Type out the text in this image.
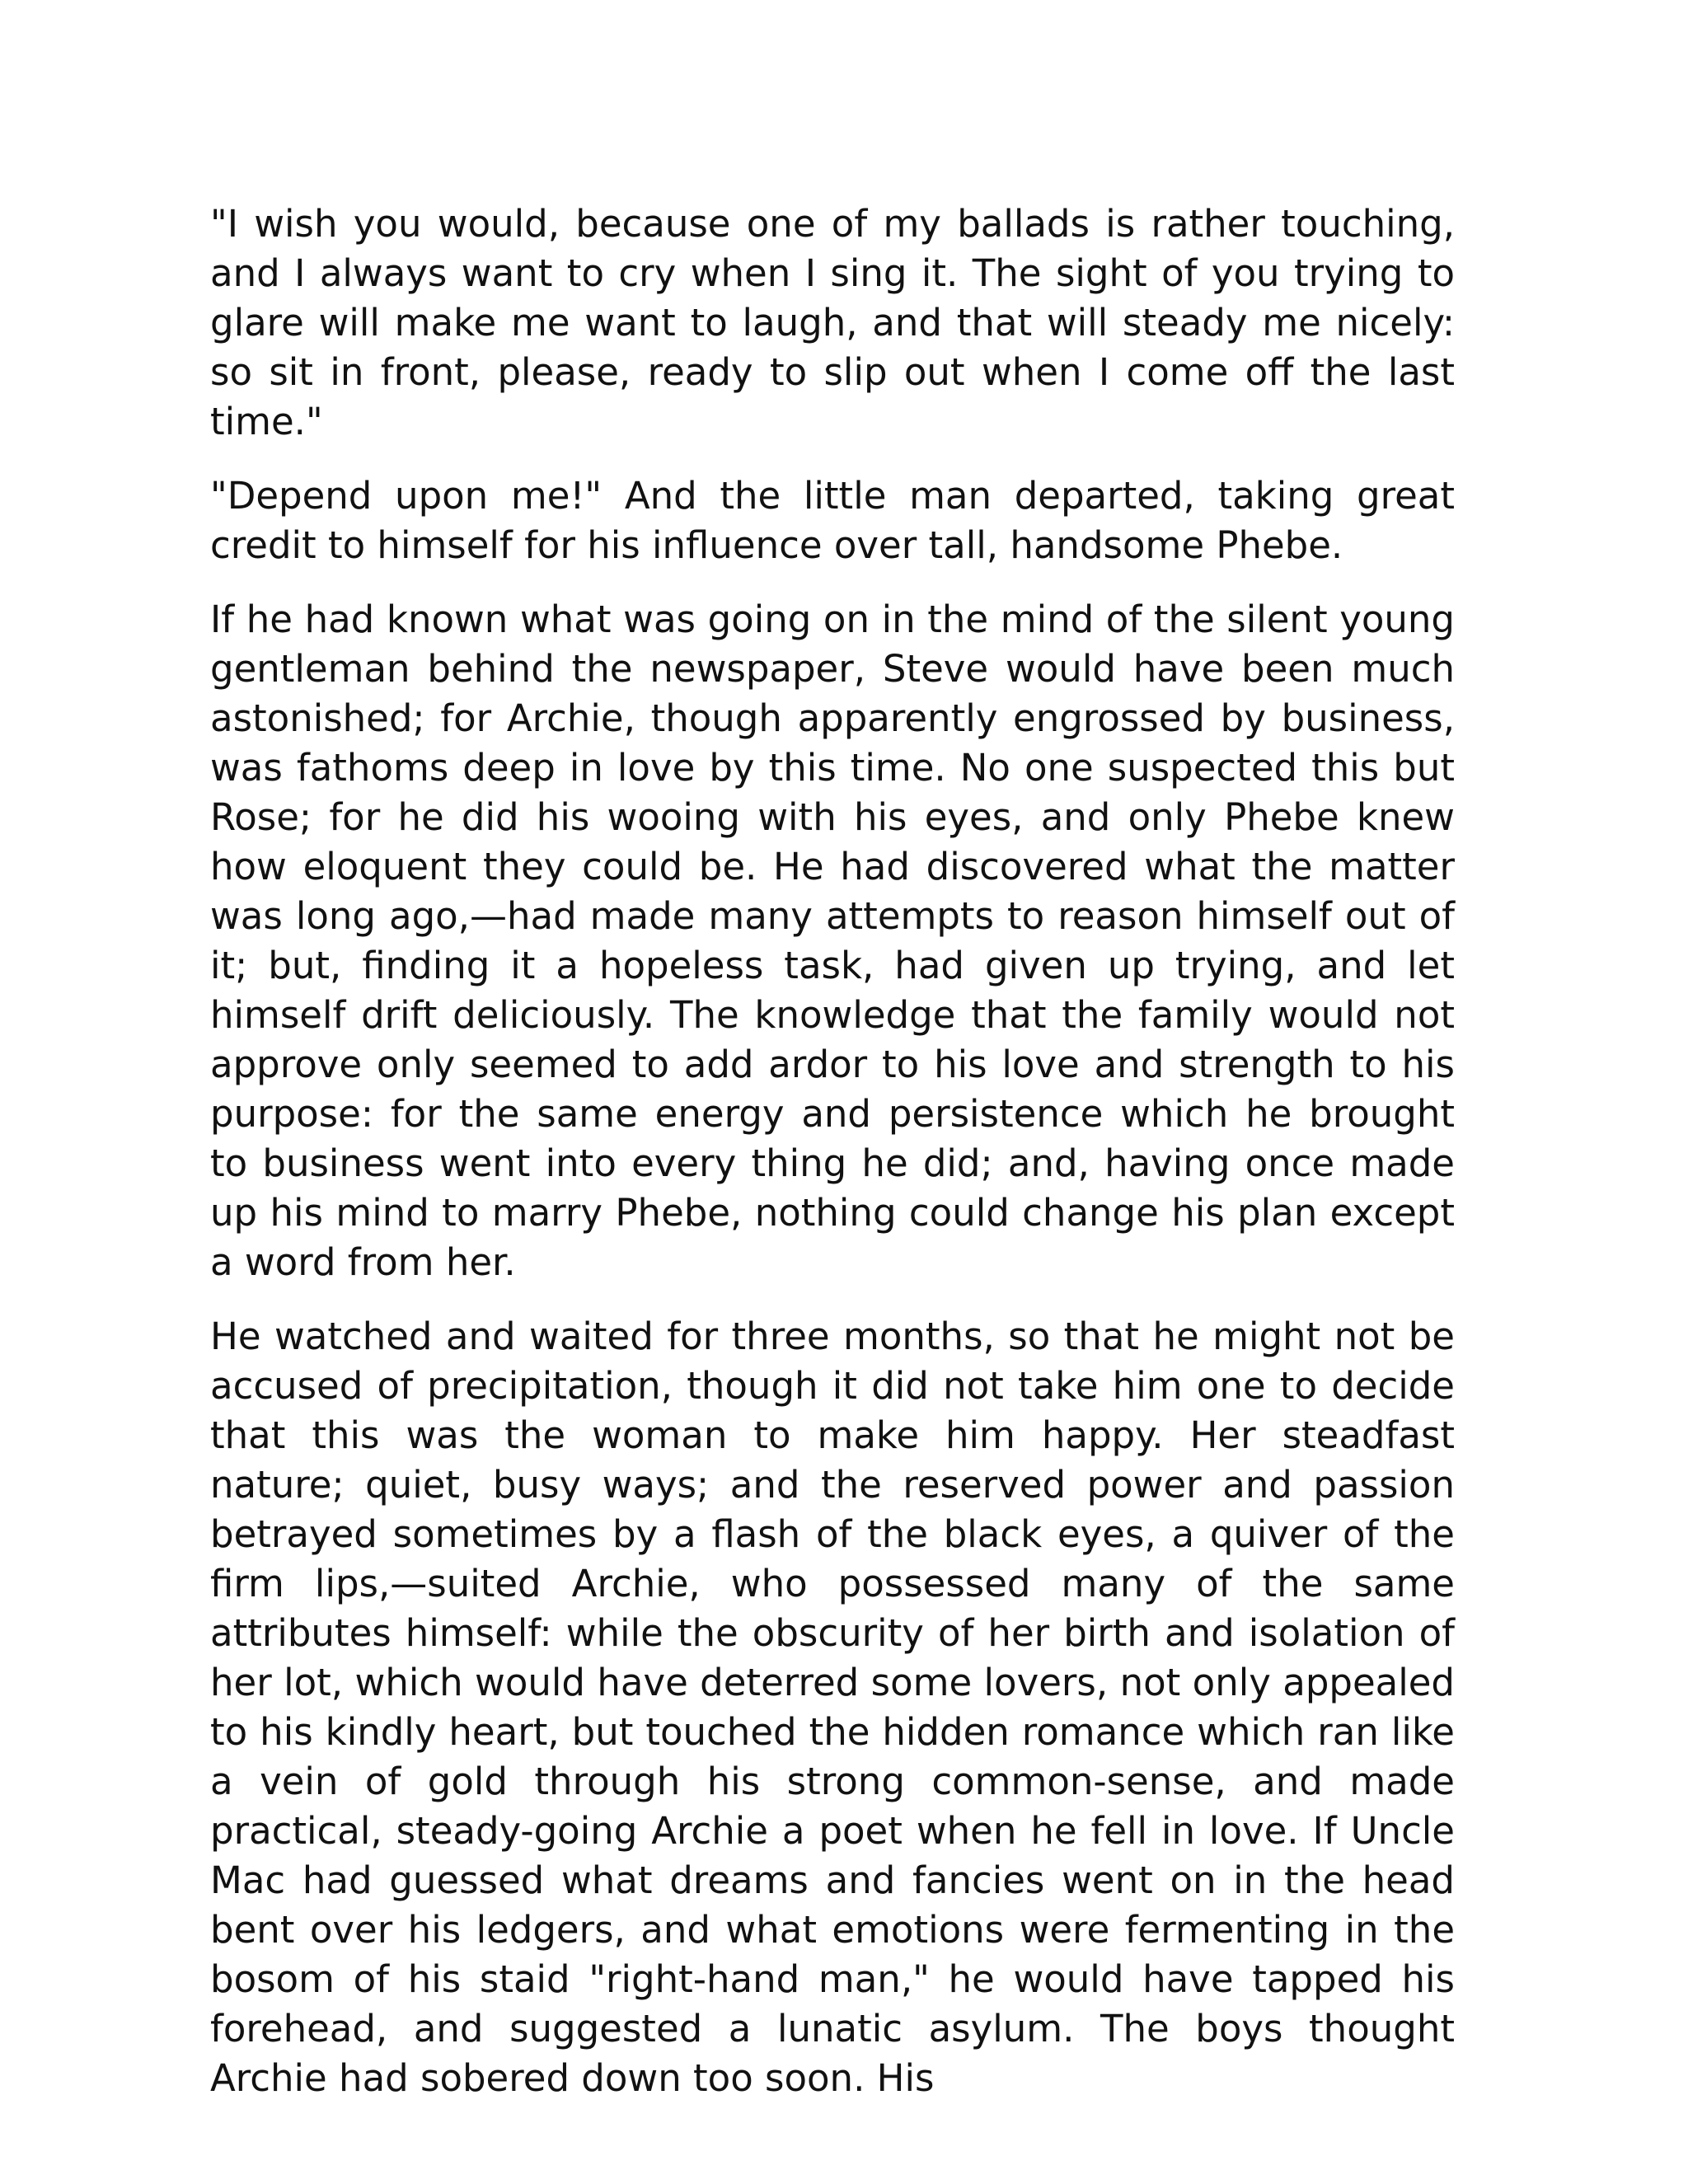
"I wish you would, because one of my ballads is rather touching, and I always want to cry when I sing it. The sight of you trying to glare will make me want to laugh, and that will steady me nicely: so sit in front, please, ready to slip out when I come off the last time."

"Depend upon me!" And the little man departed, taking great credit to himself for his influence over tall, handsome Phebe.

If he had known what was going on in the mind of the silent young gentleman behind the newspaper, Steve would have been much astonished; for Archie, though apparently engrossed by business, was fathoms deep in love by this time. No one suspected this but Rose; for he did his wooing with his eyes, and only Phebe knew how eloquent they could be. He had discovered what the matter was long ago,—had made many attempts to reason himself out of it; but, finding it a hopeless task, had given up trying, and let himself drift deliciously. The knowledge that the family would not approve only seemed to add ardor to his love and strength to his purpose: for the same energy and persistence which he brought to business went into every thing he did; and, having once made up his mind to marry Phebe, nothing could change his plan except a word from her.

He watched and waited for three months, so that he might not be accused of precipitation, though it did not take him one to decide that this was the woman to make him happy. Her steadfast nature; quiet, busy ways; and the reserved power and passion betrayed sometimes by a flash of the black eyes, a quiver of the firm lips,—suited Archie, who possessed many of the same attributes himself: while the obscurity of her birth and isolation of her lot, which would have deterred some lovers, not only appealed to his kindly heart, but touched the hidden romance which ran like a vein of gold through his strong common-sense, and made practical, steady-going Archie a poet when he fell in love. If Uncle Mac had guessed what dreams and fancies went on in the head bent over his ledgers, and what emotions were fermenting in the bosom of his staid "right-hand man," he would have tapped his forehead, and suggested a lunatic asylum. The boys thought Archie had sobered down too soon. His
